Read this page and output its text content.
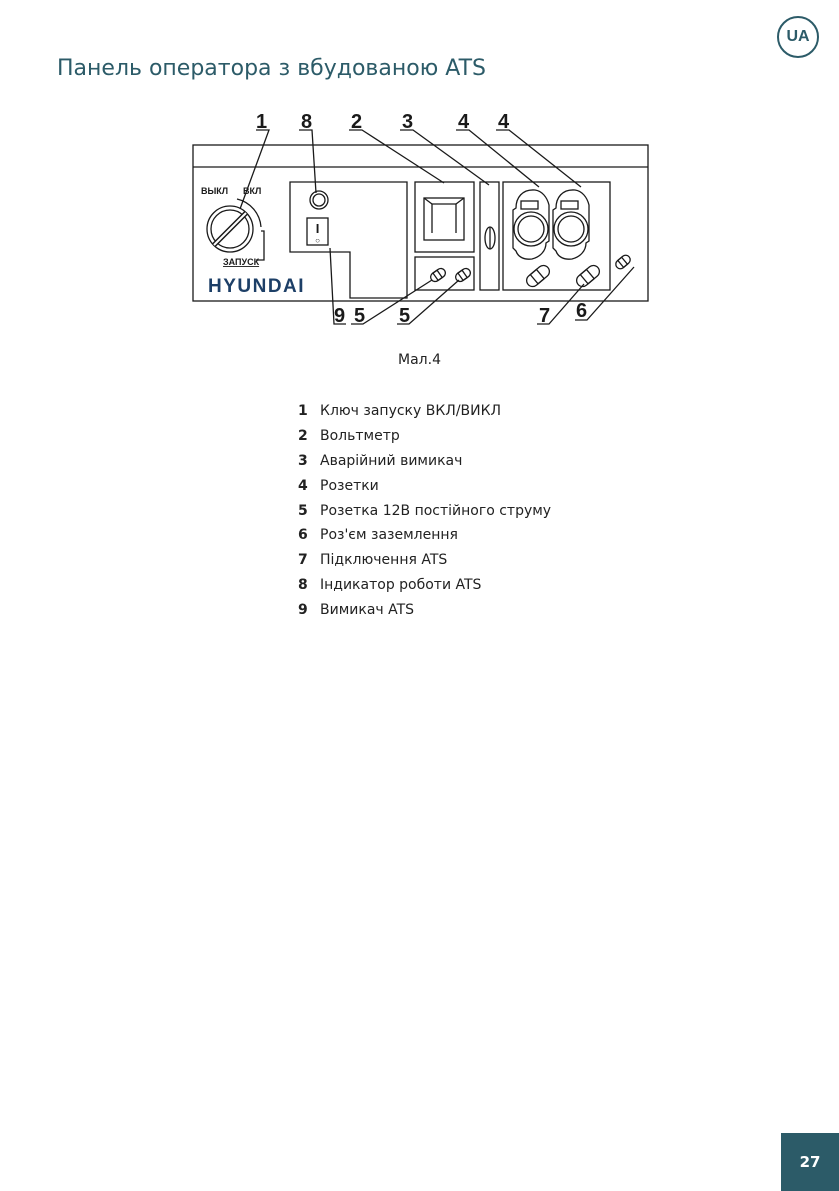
UA
Панель оператора з вбудованою ATS
1 8 2 3 4 4
9 5 5	7 6
ВЫКЛ ВКЛ
ЗАПУСК
HYUNDAI
I
○
Мал.4
1 Ключ запуску ВКЛ/ВИКЛ
2 Вольтметр
3 Аварійний вимикач
4 Розетки
5 Розетка 12В постійного струму
6 Роз'єм заземлення
7 Підключення ATS
8 Індикатор роботи ATS
9 Вимикач ATS
27
